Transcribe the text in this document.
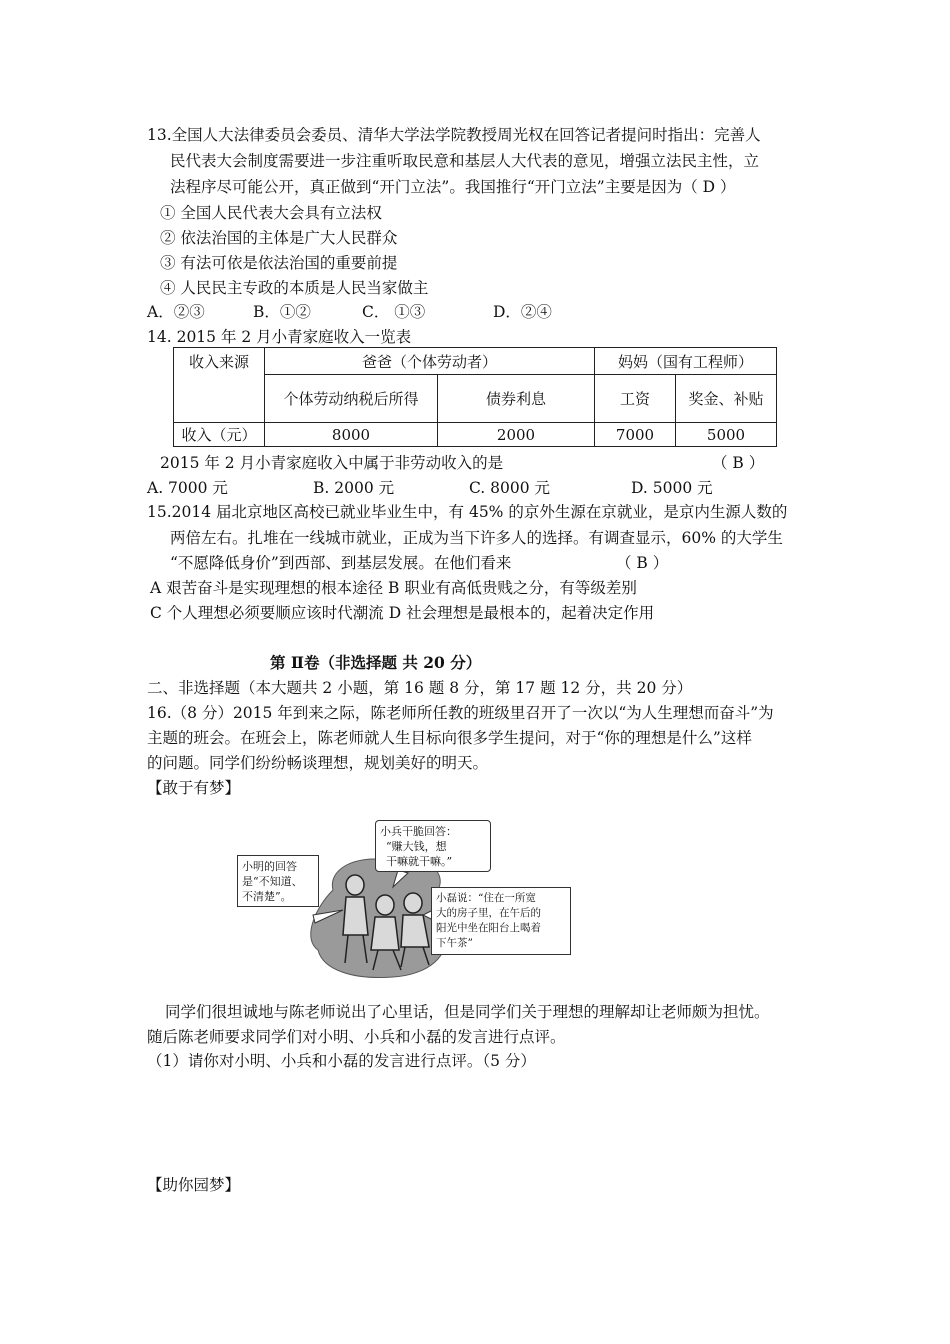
13.全国人大法律委员会委员、清华大学法学院教授周光权在回答记者提问时指出：完善人
民代表大会制度需要进一步注重听取民意和基层人大代表的意见，增强立法民主性，立
法程序尽可能公开，真正做到“开门立法”。我国推行“开门立法”主要是因为（ D ）
① 全国人民代表大会具有立法权
② 依法治国的主体是广大人民群众
③ 有法可依是依法治国的重要前提
④ 人民民主专政的本质是人民当家做主
A．②③	B．①②	C． ①③	D．②④
14. 2015 年 2 月小青家庭收入一览表
收入来源	爸爸（个体劳动者）		妈妈（国有工程师）	
	个体劳动纳税后所得	债券利息	工资	奖金、补贴
收入（元）	8000	2000	7000	5000
2015 年 2 月小青家庭收入中属于非劳动收入的是	（ B ）
A. 7000 元	B. 2000 元	C. 8000 元	D. 5000 元
15.2014 届北京地区高校已就业毕业生中，有 45% 的京外生源在京就业，是京内生源人数的
两倍左右。扎堆在一线城市就业，正成为当下许多人的选择。有调查显示，60% 的大学生
“不愿降低身价”到西部、到基层发展。在他们看来	（ B ）
A 艰苦奋斗是实现理想的根本途径 B 职业有高低贵贱之分，有等级差别
C 个人理想必须要顺应该时代潮流 D 社会理想是最根本的，起着决定作用
第 Ⅱ卷（非选择题 共 20 分）
二、非选择题（本大题共 2 小题，第 16 题 8 分，第 17 题 12 分，共 20 分）
16.（8 分）2015 年到来之际，陈老师所任教的班级里召开了一次以“为人生理想而奋斗”为
主题的班会。在班会上，陈老师就人生目标向很多学生提问，对于“你的理想是什么”这样
的问题。同学们纷纷畅谈理想，规划美好的明天。
【敢于有梦】
小兵干脆回答：
“赚大钱，想
干嘛就干嘛。”
小明的回答
是“不知道、
不清楚”。	小磊说：“住在一所宽
大的房子里，在午后的
阳光中坐在阳台上喝着
下午茶”
同学们很坦诚地与陈老师说出了心里话，但是同学们关于理想的理解却让老师颇为担忧。
随后陈老师要求同学们对小明、小兵和小磊的发言进行点评。
（1）请你对小明、小兵和小磊的发言进行点评。（5 分）
【助你园梦】
